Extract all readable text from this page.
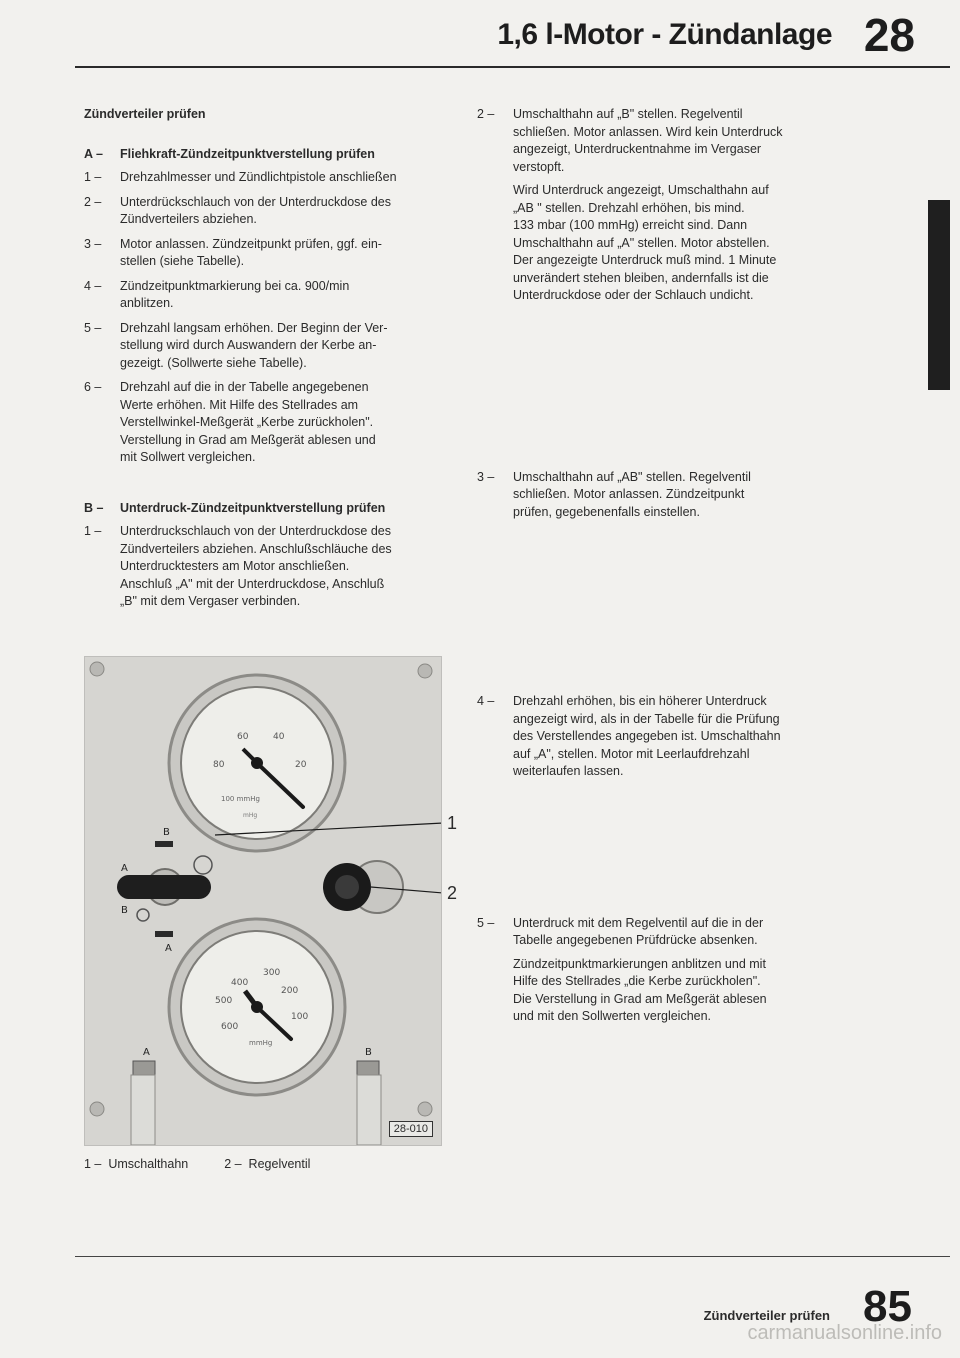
1,6 l-Motor - Zündanlage 28
Zündverteiler prüfen
A –	Fliehkraft-Zündzeitpunktverstellung prüfen
1 –	Drehzahlmesser und Zündlichtpistole anschließen
2 –	Unterdrückschlauch von der Unterdruckdose des
Zündverteilers abziehen.
3 –	Motor anlassen. Zündzeitpunkt prüfen, ggf. ein-
stellen (siehe Tabelle).
4 –	Zündzeitpunktmarkierung bei ca. 900/min
anblitzen.
5 –	Drehzahl langsam erhöhen. Der Beginn der Ver-
stellung wird durch Auswandern der Kerbe an-
gezeigt. (Sollwerte siehe Tabelle).
6 –	Drehzahl auf die in der Tabelle angegebenen
Werte erhöhen. Mit Hilfe des Stellrades am
Verstellwinkel-Meßgerät „Kerbe zurückholen".
Verstellung in Grad am Meßgerät ablesen und
mit Sollwert vergleichen.
B –	Unterdruck-Zündzeitpunktverstellung prüfen
1 –	Unterdruckschlauch von der Unterdruckdose des
Zündverteilers abziehen. Anschlußschläuche des
Unterdrucktesters am Motor anschließen.
Anschluß „A" mit der Unterdruckdose, Anschluß
„B" mit dem Vergaser verbinden.
2 –	Umschalthahn auf „B" stellen. Regelventil
schließen. Motor anlassen. Wird kein Unterdruck
angezeigt, Unterdruckentnahme im Vergaser
verstopft.
Wird Unterdruck angezeigt, Umschalthahn auf
„AB " stellen. Drehzahl erhöhen, bis mind.
133 mbar (100 mmHg) erreicht sind. Dann
Umschalthahn auf „A" stellen. Motor abstellen.
Der angezeigte Unterdruck muß mind. 1 Minute
unverändert stehen bleiben, andernfalls ist die
Unterdruckdose oder der Schlauch undicht.
3 –	Umschalthahn auf „AB" stellen. Regelventil
schließen. Motor anlassen. Zündzeitpunkt
prüfen, gegebenenfalls einstellen.
4 –	Drehzahl erhöhen, bis ein höherer Unterdruck
angezeigt wird, als in der Tabelle für die Prüfung
des Verstellendes angegeben ist. Umschalthahn
auf „A", stellen. Motor mit Leerlaufdrehzahl
weiterlaufen lassen.
5 –	Unterdruck mit dem Regelventil auf die in der
Tabelle angegebenen Prüfdrücke absenken.
Zündzeitpunktmarkierungen anblitzen und mit
Hilfe des Stellrades „die Kerbe zurückholen".
Die Verstellung in Grad am Meßgerät ablesen
und mit den Sollwerten vergleichen.
60	40
80	20
100 mmHg
mHg
B
A
B
A
300
400
200
500
100
600
mmHg
A	B
1
2
28-010
1 –  Umschalthahn	2 –  Regelventil
Zündverteiler prüfen 85
carmanualsonline.info
